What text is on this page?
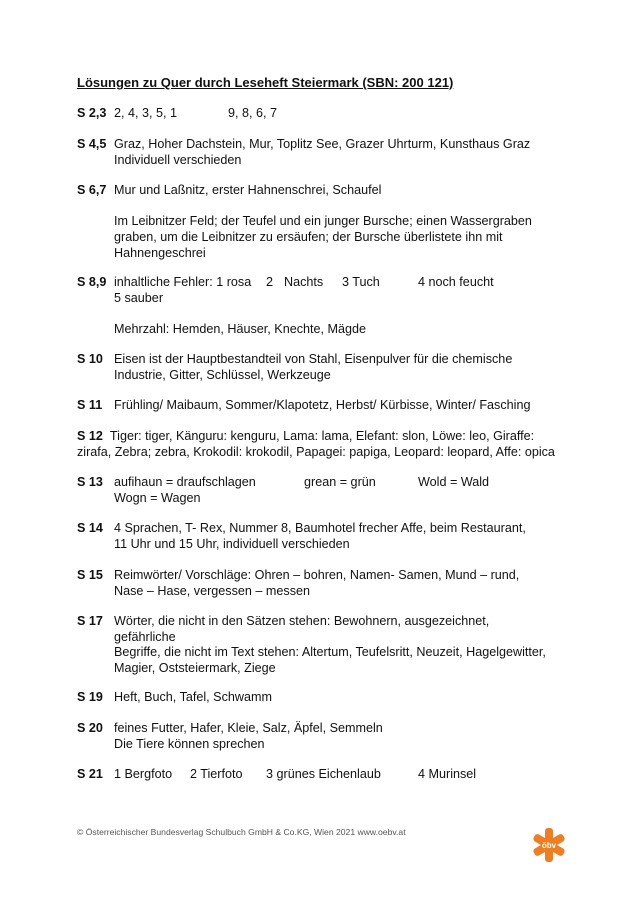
Lösungen zu Quer durch Leseheft Steiermark (SBN: 200 121)
S 2,3 2, 4, 3, 5, 1	9, 8, 6, 7
S 4,5 Graz, Hoher Dachstein, Mur, Toplitz See, Grazer Uhrturm, Kunsthaus Graz
Individuell verschieden
S 6,7 Mur und Laßnitz, erster Hahnenschrei, Schaufel
Im Leibnitzer Feld; der Teufel und ein junger Bursche; einen Wassergraben
graben, um die Leibnitzer zu ersäufen; der Bursche überlistete ihn mit
Hahnengeschrei
S 8,9 inhaltliche Fehler: 1 rosa 2 Nachts 3 Tuch	4 noch feucht
5 sauber
Mehrzahl: Hemden, Häuser, Knechte, Mägde
S 10 Eisen ist der Hauptbestandteil von Stahl, Eisenpulver für die chemische
Industrie, Gitter, Schlüssel, Werkzeuge
S 11 Frühling/ Maibaum, Sommer/Klapotetz, Herbst/ Kürbisse, Winter/ Fasching
S 12 Tiger: tiger, Känguru: kenguru, Lama: lama, Elefant: slon, Löwe: leo, Giraffe:
zirafa, Zebra; zebra, Krokodil: krokodil, Papagei: papiga, Leopard: leopard, Affe: opica
S 13 aufihaun = draufschlagen	grean = grün	Wold = Wald
Wogn = Wagen
S 14 4 Sprachen, T- Rex, Nummer 8, Baumhotel frecher Affe, beim Restaurant,
11 Uhr und 15 Uhr, individuell verschieden
S 15 Reimwörter/ Vorschläge: Ohren – bohren, Namen- Samen, Mund – rund,
Nase – Hase, vergessen – messen
S 17 Wörter, die nicht in den Sätzen stehen: Bewohnern, ausgezeichnet,
gefährliche
Begriffe, die nicht im Text stehen: Altertum, Teufelsritt, Neuzeit, Hagelgewitter,
Magier, Oststeiermark, Ziege
S 19 Heft, Buch, Tafel, Schwamm
S 20 feines Futter, Hafer, Kleie, Salz, Äpfel, Semmeln
Die Tiere können sprechen
S 21 1 Bergfoto 2 Tierfoto 3 grünes Eichenlaub	4 Murinsel
© Österreichischer Bundesverlag Schulbuch GmbH & Co.KG, Wien 2021 www.oebv.at
öbv
